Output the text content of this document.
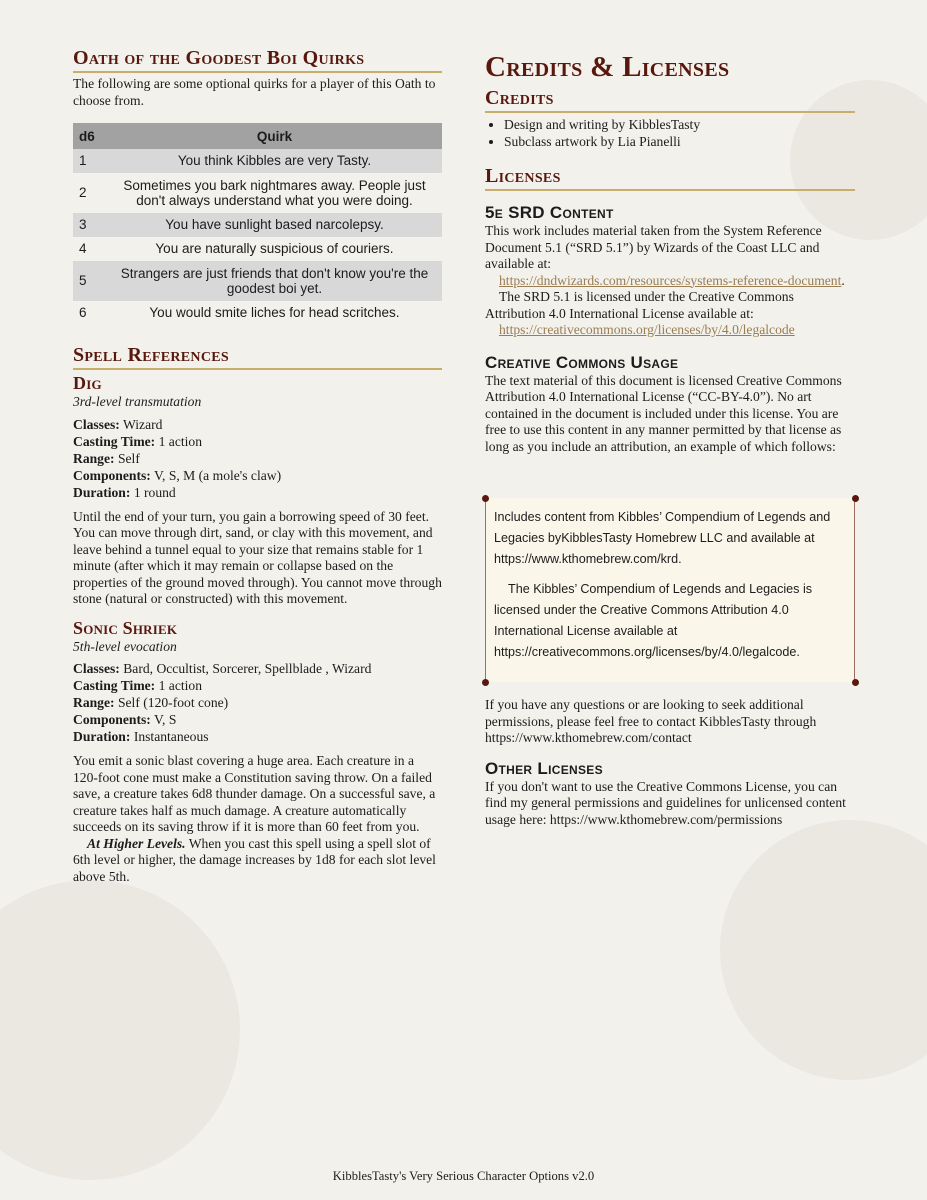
Oath of the Goodest Boi Quirks

The following are some optional quirks for a player of this Oath to choose from.

d6	Quirk
1	You think Kibbles are very Tasty.
2	Sometimes you bark nightmares away. People just don't always understand what you were doing.
3	You have sunlight based narcolepsy.
4	You are naturally suspicious of couriers.
5	Strangers are just friends that don't know you're the goodest boi yet.
6	You would smite liches for head scritches.
Spell References
Dig

3rd-level transmutation

Classes: Wizard
Casting Time: 1 action
Range: Self
Components: V, S, M (a mole's claw)
Duration: 1 round

Until the end of your turn, you gain a borrowing speed of 30 feet. You can move through dirt, sand, or clay with this movement, and leave behind a tunnel equal to your size that remains stable for 1 minute (after which it may remain or collapse based on the properties of the ground moved through). You cannot move through stone (natural or constructed) with this movement.

Sonic Shriek

5th-level evocation

Classes: Bard, Occultist, Sorcerer, Spellblade , Wizard
Casting Time: 1 action
Range: Self (120-foot cone)
Components: V, S
Duration: Instantaneous

You emit a sonic blast covering a huge area. Each creature in a 120-foot cone must make a Constitution saving throw. On a failed save, a creature takes 6d8 thunder damage. On a successful save, a creature takes half as much damage. A creature automatically succeeds on its saving throw if it is more than 60 feet from you.

At Higher Levels. When you cast this spell using a spell slot of 6th level or higher, the damage increases by 1d8 for each slot level above 5th.

Credits & Licenses
Credits
• Design and writing by KibblesTasty
• Subclass artwork by Lia Pianelli
Licenses
5e SRD Content

This work includes material taken from the System Reference Document 5.1 (“SRD 5.1”) by Wizards of the Coast LLC and available at:

https://dndwizards.com/resources/systems-reference-document.

The SRD 5.1 is licensed under the Creative Commons Attribution 4.0 International License available at:

https://creativecommons.org/licenses/by/4.0/legalcode

Creative Commons Usage

The text material of this document is licensed Creative Commons Attribution 4.0 International License (“CC-BY-4.0”). No art contained in the document is included under this license. You are free to use this content in any manner permitted by that license as long as you include an attribution, an example of which follows:

Includes content from Kibbles’ Compendium of Legends and Legacies byKibblesTasty Homebrew LLC and available at https://www.kthomebrew.com/krd.

The Kibbles’ Compendium of Legends and Legacies is licensed under the Creative Commons Attribution 4.0 International License available at https://creativecommons.org/licenses/by/4.0/legalcode.

If you have any questions or are looking to seek additional permissions, please feel free to contact KibblesTasty through https://www.kthomebrew.com/contact

Other Licenses

If you don't want to use the Creative Commons License, you can find my general permissions and guidelines for unlicensed content usage here: https://www.kthomebrew.com/permissions

KibblesTasty's Very Serious Character Options v2.0
